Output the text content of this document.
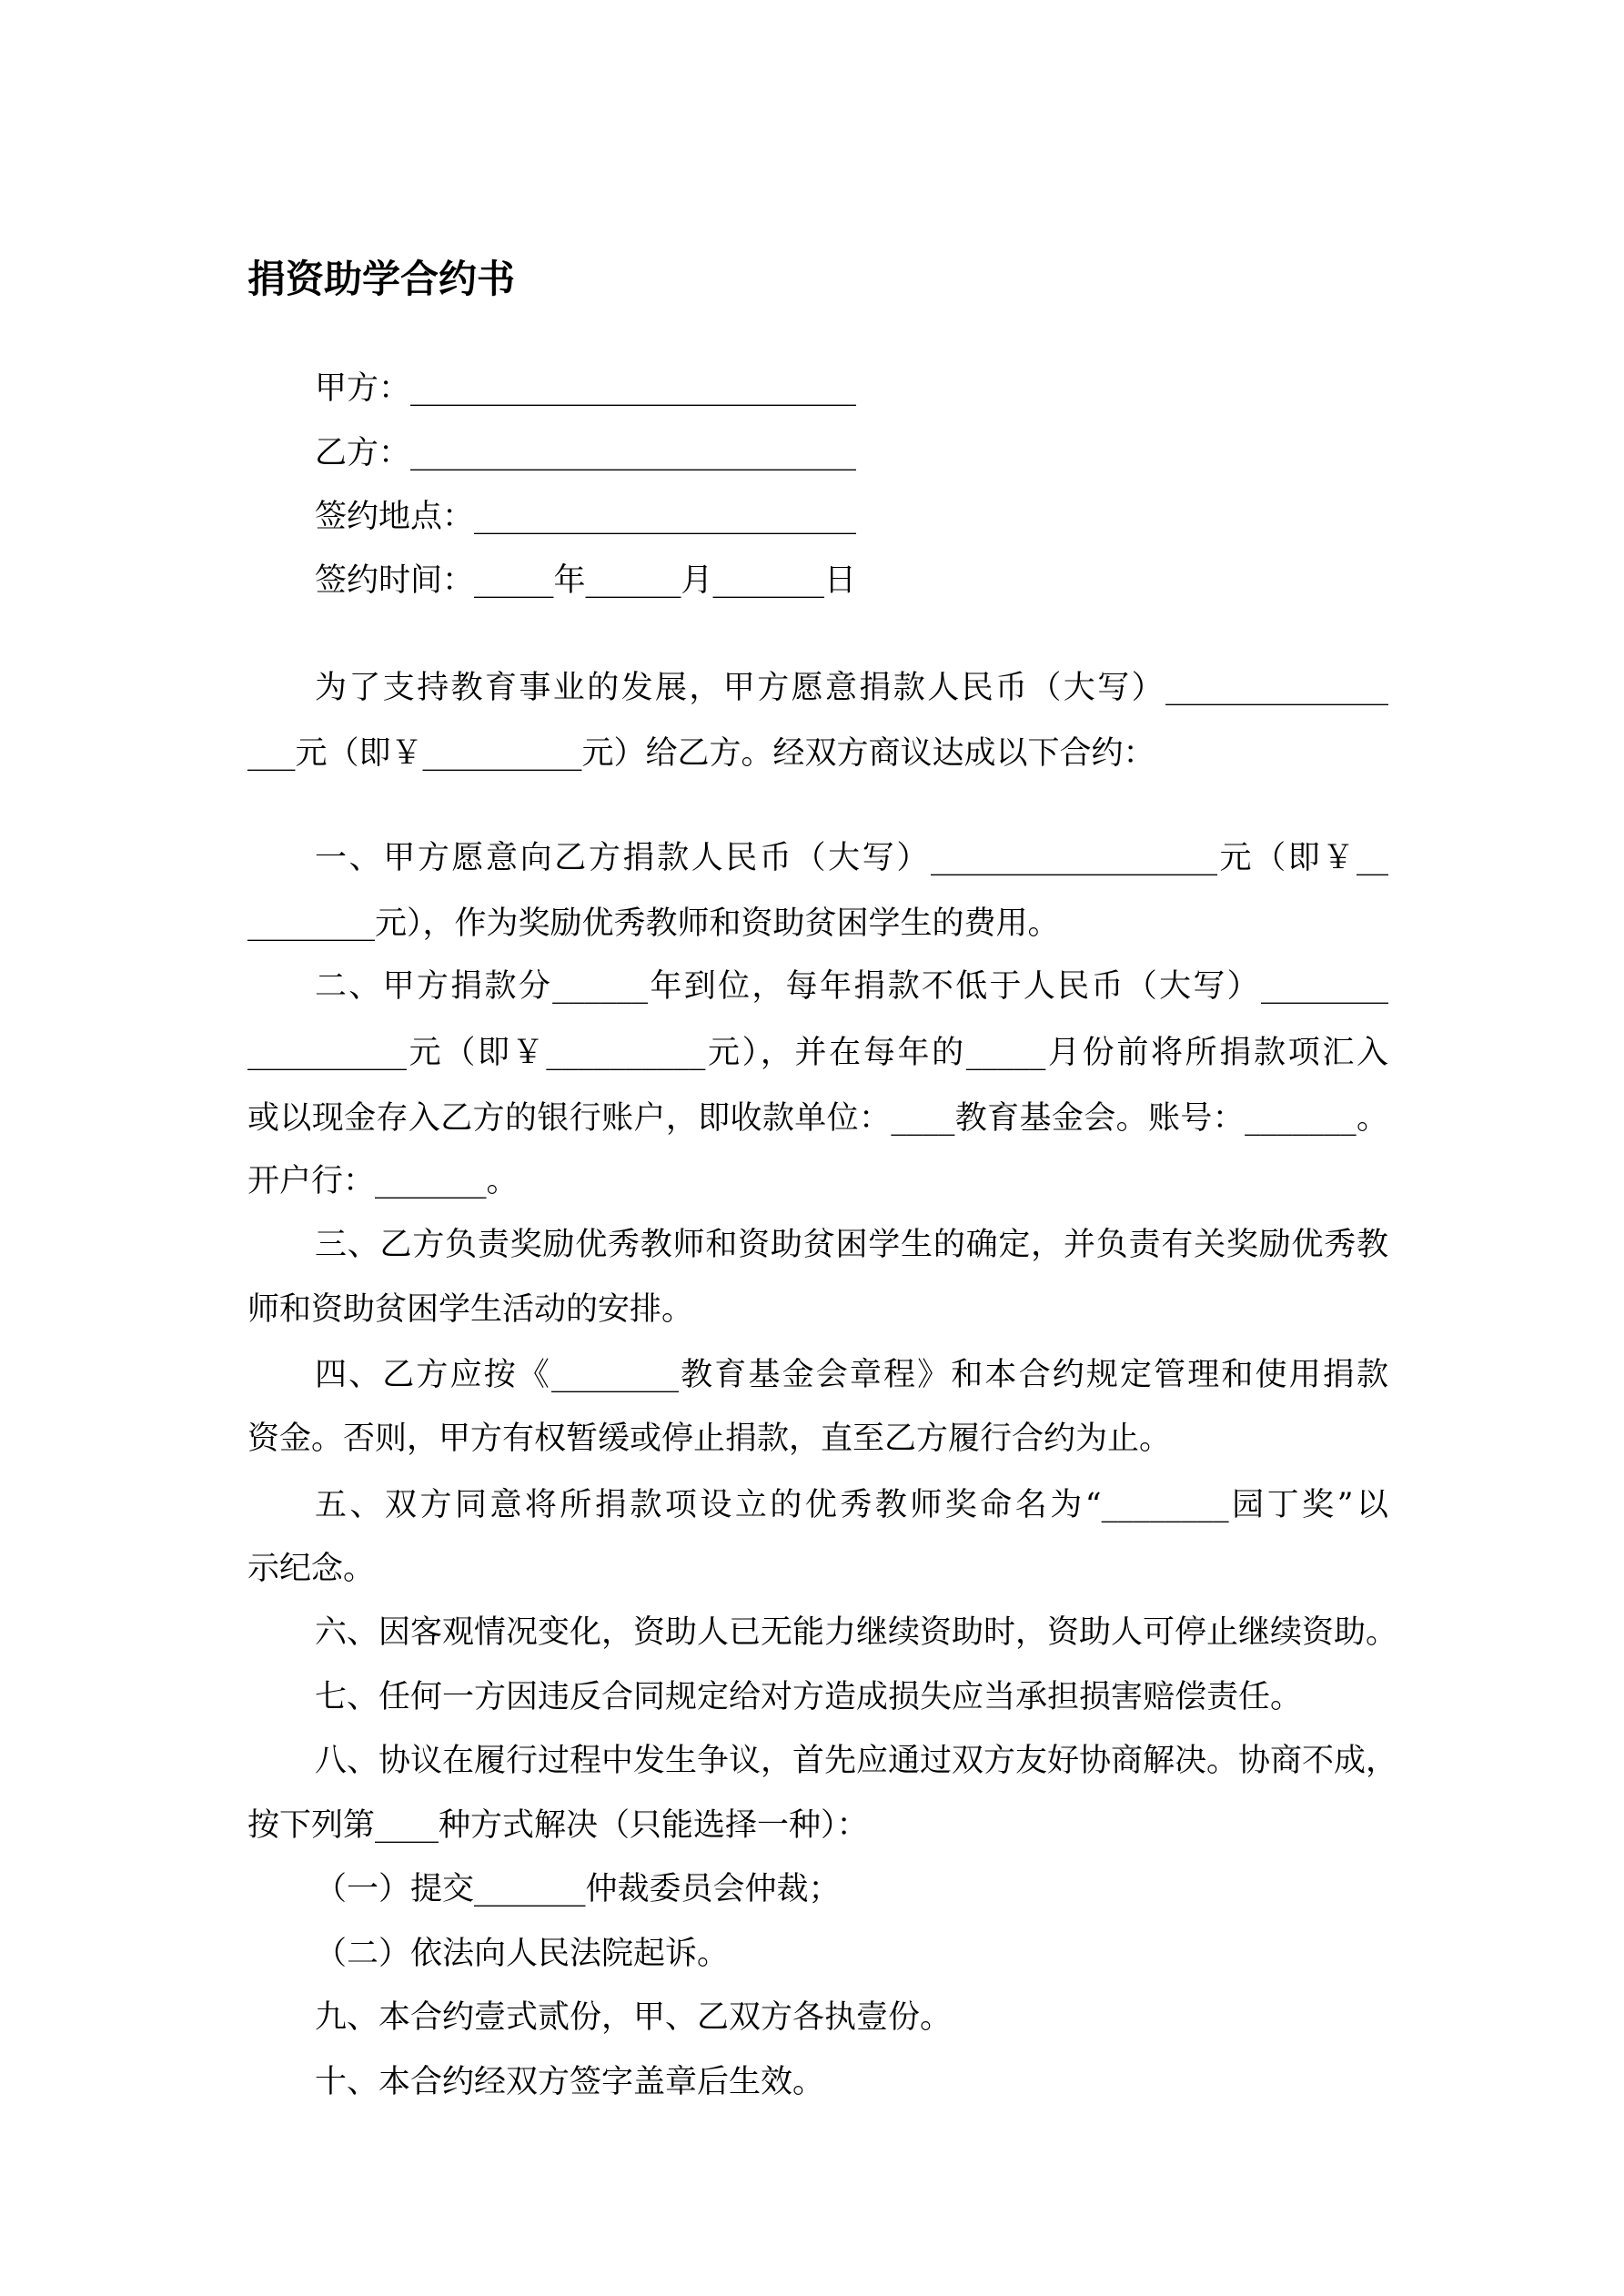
捐资助学合约书
甲方：____________________________
乙方：____________________________
签约地点：________________________
签约时间：_____年______月_______日
为了支持教育事业的发展，甲方愿意捐款人民币（大写）______________
___元（即￥__________元）给乙方。经双方商议达成以下合约：
一、甲方愿意向乙方捐款人民币（大写）__________________元（即￥__
________元），作为奖励优秀教师和资助贫困学生的费用。
二、甲方捐款分______年到位，每年捐款不低于人民币（大写）________
__________元（即￥__________元），并在每年的_____月份前将所捐款项汇入
或以现金存入乙方的银行账户，即收款单位：____教育基金会。账号：_______。
开户行：_______。
三、乙方负责奖励优秀教师和资助贫困学生的确定，并负责有关奖励优秀教
师和资助贫困学生活动的安排。
四、乙方应按《________教育基金会章程》和本合约规定管理和使用捐款
资金。否则，甲方有权暂缓或停止捐款，直至乙方履行合约为止。
五、双方同意将所捐款项设立的优秀教师奖命名为“________园丁奖”以
示纪念。
六、因客观情况变化，资助人已无能力继续资助时，资助人可停止继续资助。
七、任何一方因违反合同规定给对方造成损失应当承担损害赔偿责任。
八、协议在履行过程中发生争议，首先应通过双方友好协商解决。协商不成，
按下列第____种方式解决（只能选择一种）：
（一）提交_______仲裁委员会仲裁；
（二）依法向人民法院起诉。
九、本合约壹式贰份，甲、乙双方各执壹份。
十、本合约经双方签字盖章后生效。
